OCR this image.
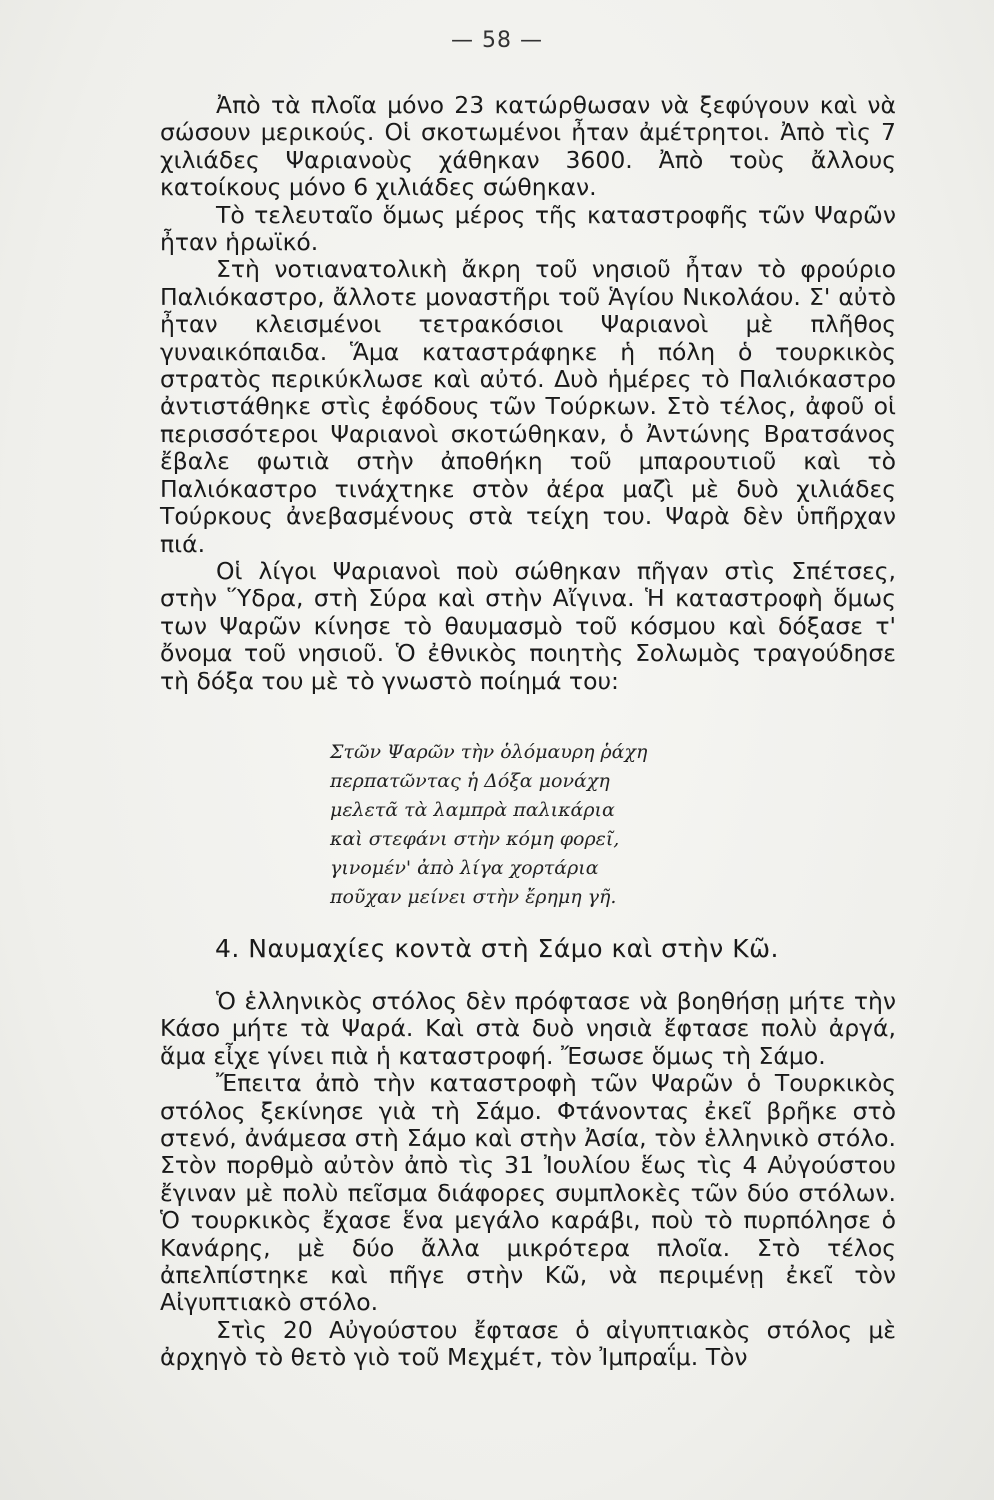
— 58 —

Ἀπὸ τὰ πλοῖα μόνο 23 κατώρθωσαν νὰ ξεφύγουν καὶ νὰ σώσουν μερικούς. Οἱ σκοτωμένοι ἦταν ἀμέτρητοι. Ἀπὸ τὶς 7 χιλιάδες Ψαριανοὺς χάθηκαν 3600. Ἀπὸ τοὺς ἄλλους κατοίκους μόνο 6 χιλιάδες σώθηκαν.

Τὸ τελευταῖο ὅμως μέρος τῆς καταστροφῆς τῶν Ψαρῶν ἦταν ἡρωϊκό.

Στὴ νοτιανατολικὴ ἄκρη τοῦ νησιοῦ ἦταν τὸ φρούριο Παλιόκαστρο, ἄλλοτε μοναστῆρι τοῦ Ἁγίου Νικολάου. Σ' αὐτὸ ἦταν κλεισμένοι τετρακόσιοι Ψαριανοὶ μὲ πλῆθος γυναικόπαιδα. Ἅμα καταστράφηκε ἡ πόλη ὁ τουρκικὸς στρατὸς περικύκλωσε καὶ αὐτό. Δυὸ ἡμέρες τὸ Παλιόκαστρο ἀντιστάθηκε στὶς ἐφόδους τῶν Τούρκων. Στὸ τέλος, ἀφοῦ οἱ περισσότεροι Ψαριανοὶ σκοτώθηκαν, ὁ Ἀντώνης Βρατσάνος ἔβαλε φωτιὰ στὴν ἀποθήκη τοῦ μπαρουτιοῦ καὶ τὸ Παλιόκαστρο τινάχτηκε στὸν ἀέρα μαζὶ μὲ δυὸ χιλιάδες Τούρκους ἀνεβασμένους στὰ τείχη του. Ψαρὰ δὲν ὑπῆρχαν πιά.

Οἱ λίγοι Ψαριανοὶ ποὺ σώθηκαν πῆγαν στὶς Σπέτσες, στὴν Ὕδρα, στὴ Σύρα καὶ στὴν Αἴγινα. Ἡ καταστροφὴ ὅμως των Ψαρῶν κίνησε τὸ θαυμασμὸ τοῦ κόσμου καὶ δόξασε τ' ὄνομα τοῦ νησιοῦ. Ὁ ἐθνικὸς ποιητὴς Σολωμὸς τραγούδησε τὴ δόξα του μὲ τὸ γνωστὸ ποίημά του:

Στῶν Ψαρῶν τὴν ὁλόμαυρη ῥάχη
περπατῶντας ἡ Δόξα μονάχη
μελετᾶ τὰ λαμπρὰ παλικάρια
καὶ στεφάνι στὴν κόμη φορεῖ,
γινομέν' ἀπὸ λίγα χορτάρια
ποῦχαν μείνει στὴν ἔρημη γῆ.
4. Ναυμαχίες κοντὰ στὴ Σάμο καὶ στὴν Κῶ.

Ὁ ἑλληνικὸς στόλος δὲν πρόφτασε νὰ βοηθήσῃ μήτε τὴν Κάσο μήτε τὰ Ψαρά. Καὶ στὰ δυὸ νησιὰ ἔφτασε πολὺ ἀργά, ἅμα εἶχε γίνει πιὰ ἡ καταστροφή. Ἔσωσε ὅμως τὴ Σάμο.

Ἔπειτα ἀπὸ τὴν καταστροφὴ τῶν Ψαρῶν ὁ Τουρκικὸς στόλος ξεκίνησε γιὰ τὴ Σάμο. Φτάνοντας ἐκεῖ βρῆκε στὸ στενό, ἀνάμεσα στὴ Σάμο καὶ στὴν Ἀσία, τὸν ἑλληνικὸ στόλο. Στὸν πορθμὸ αὐτὸν ἀπὸ τὶς 31 Ἰουλίου ἕως τὶς 4 Αὐγούστου ἔγιναν μὲ πολὺ πεῖσμα διάφορες συμπλοκὲς τῶν δύο στόλων. Ὁ τουρκικὸς ἔχασε ἕνα μεγάλο καράβι, ποὺ τὸ πυρπόλησε ὁ Κανάρης, μὲ δύο ἄλλα μικρότερα πλοῖα. Στὸ τέλος ἀπελπίστηκε καὶ πῆγε στὴν Κῶ, νὰ περιμένῃ ἐκεῖ τὸν Αἰγυπτιακὸ στόλο.

Στὶς 20 Αὐγούστου ἔφτασε ὁ αἰγυπτιακὸς στόλος μὲ ἀρχηγὸ τὸ θετὸ γιὸ τοῦ Μεχμέτ, τὸν Ἰμπραΐμ. Τὸν
